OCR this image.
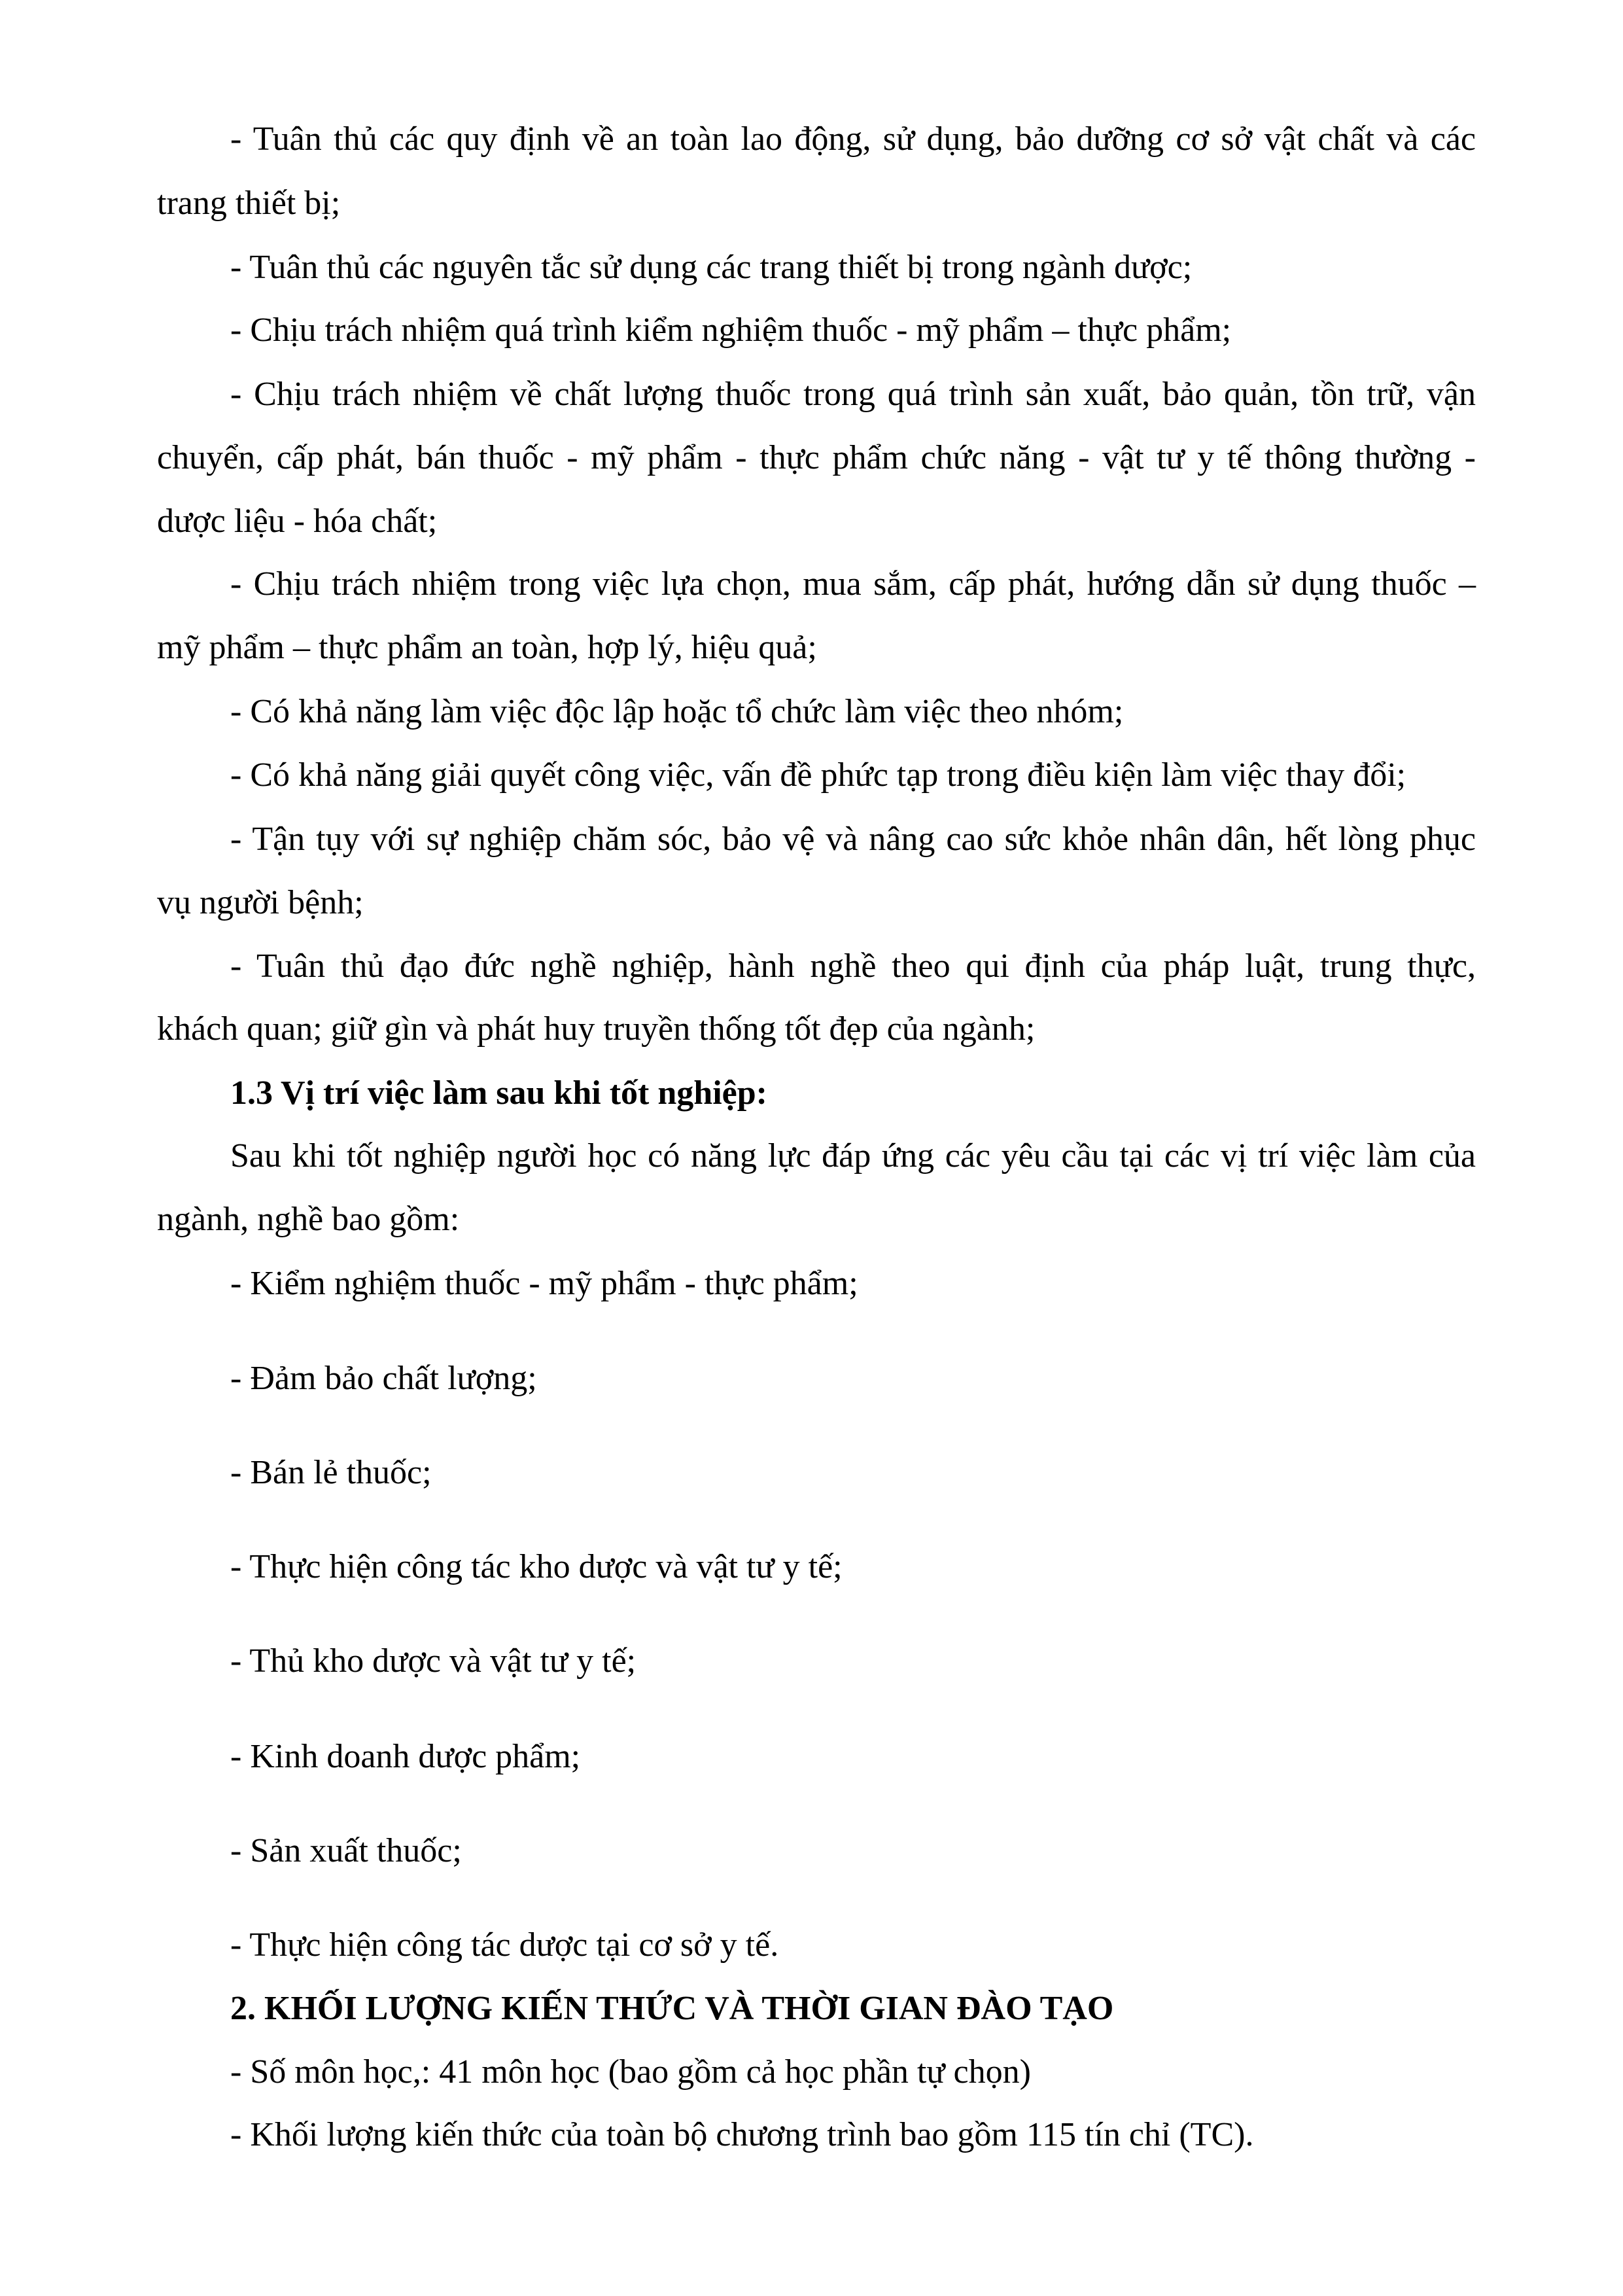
- Tuân thủ các quy định về an toàn lao động, sử dụng, bảo dưỡng cơ sở vật chất và các

trang thiết bị;

- Tuân thủ các nguyên tắc sử dụng các trang thiết bị trong ngành dược;

- Chịu trách nhiệm quá trình kiểm nghiệm thuốc - mỹ phẩm – thực phẩm;

- Chịu trách nhiệm về chất lượng thuốc trong quá trình sản xuất, bảo quản, tồn trữ, vận

chuyển, cấp phát, bán thuốc - mỹ phẩm - thực phẩm chức năng - vật tư y tế thông thường -

dược liệu - hóa chất;

- Chịu trách nhiệm trong việc lựa chọn, mua sắm, cấp phát, hướng dẫn sử dụng thuốc –

mỹ phẩm – thực phẩm an toàn, hợp lý, hiệu quả;

- Có khả năng làm việc độc lập hoặc tổ chức làm việc theo nhóm;

- Có khả năng giải quyết công việc, vấn đề phức tạp trong điều kiện làm việc thay đổi;

- Tận tụy với sự nghiệp chăm sóc, bảo vệ và nâng cao sức khỏe nhân dân, hết lòng phục

vụ người bệnh;

- Tuân thủ đạo đức nghề nghiệp, hành nghề theo qui định của pháp luật, trung thực,

khách quan; giữ gìn và phát huy truyền thống tốt đẹp của ngành;

1.3 Vị trí việc làm sau khi tốt nghiệp:

Sau khi tốt nghiệp người học có năng lực đáp ứng các yêu cầu tại các vị trí việc làm của

ngành, nghề bao gồm:

- Kiểm nghiệm thuốc - mỹ phẩm - thực phẩm;

- Đảm bảo chất lượng;

- Bán lẻ thuốc;

- Thực hiện công tác kho dược và vật tư y tế;

- Thủ kho dược và vật tư y tế;

- Kinh doanh dược phẩm;

- Sản xuất thuốc;

- Thực hiện công tác dược tại cơ sở y tế.

2. KHỐI LƯỢNG KIẾN THỨC VÀ THỜI GIAN ĐÀO TẠO

- Số môn học,: 41 môn học (bao gồm cả học phần tự chọn)

- Khối lượng kiến thức của toàn bộ chương trình bao gồm 115 tín chỉ (TC).
